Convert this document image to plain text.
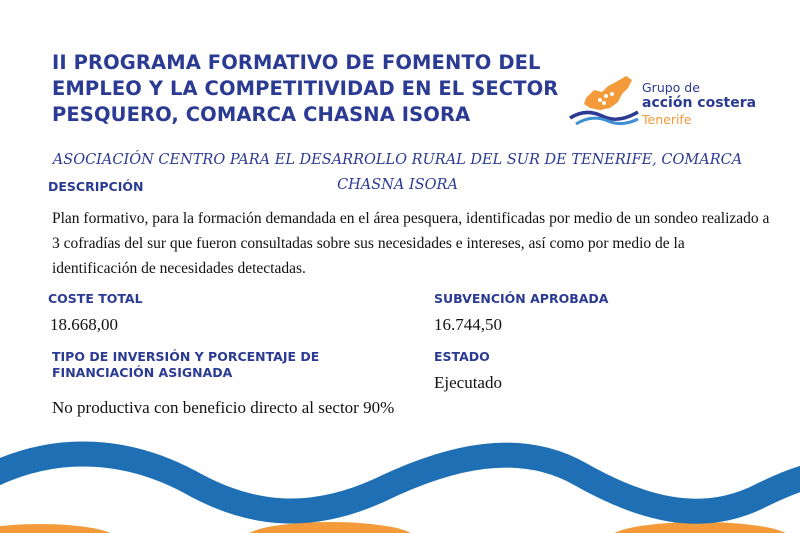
II PROGRAMA FORMATIVO DE FOMENTO DEL EMPLEO Y LA COMPETITIVIDAD EN EL SECTOR PESQUERO, COMARCA CHASNA ISORA
Grupo de
acción costera
Tenerife

ASOCIACIÓN CENTRO PARA EL DESARROLLO RURAL DEL SUR DE TENERIFE, COMARCA CHASNA ISORA

DESCRIPCIÓN

Plan formativo, para la formación demandada en el área pesquera, identificadas por medio de un sondeo realizado a 3 cofradías del sur que fueron consultadas sobre sus necesidades e intereses, así como por medio de la identificación de necesidades detectadas.

COSTE TOTAL

18.668,00

SUBVENCIÓN APROBADA

16.744,50

TIPO DE INVERSIÓN Y PORCENTAJE DE FINANCIACIÓN ASIGNADA

No productiva con beneficio directo al sector 90%

ESTADO

Ejecutado
